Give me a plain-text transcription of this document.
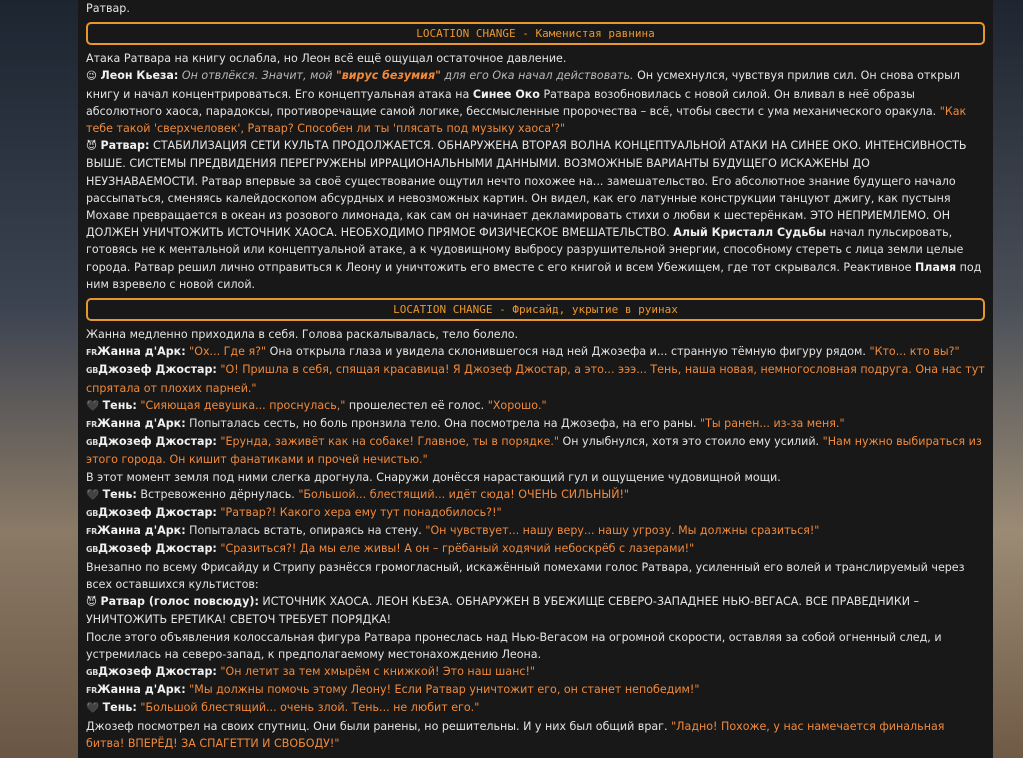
Ратвар.

LOCATION CHANGE - Каменистая равнина

Атака Ратвара на книгу ослабла, но Леон всё ещё ощущал остаточное давление.

😉 Леон Кьеза: Он отвлёкся. Значит, мой "вирус безумия" для его Ока начал действовать. Он усмехнулся, чувствуя прилив сил. Он снова открыл книгу и начал концентрироваться. Его концептуальная атака на Синее Око Ратвара возобновилась с новой силой. Он вливал в неё образы абсолютного хаоса, парадоксы, противоречащие самой логике, бессмысленные пророчества – всё, чтобы свести с ума механического оракула. "Как тебе такой 'сверхчеловек', Ратвар? Способен ли ты 'плясать под музыку хаоса'?"

😈 Ратвар: СТАБИЛИЗАЦИЯ СЕТИ КУЛЬТА ПРОДОЛЖАЕТСЯ. ОБНАРУЖЕНА ВТОРАЯ ВОЛНА КОНЦЕПТУАЛЬНОЙ АТАКИ НА СИНЕЕ ОКО. ИНТЕНСИВНОСТЬ ВЫШЕ. СИСТЕМЫ ПРЕДВИДЕНИЯ ПЕРЕГРУЖЕНЫ ИРРАЦИОНАЛЬНЫМИ ДАННЫМИ. ВОЗМОЖНЫЕ ВАРИАНТЫ БУДУЩЕГО ИСКАЖЕНЫ ДО НЕУЗНАВАЕМОСТИ. Ратвар впервые за своё существование ощутил нечто похожее на... замешательство. Его абсолютное знание будущего начало рассыпаться, сменяясь калейдоскопом абсурдных и невозможных картин. Он видел, как его латунные конструкции танцуют джигу, как пустыня Мохаве превращается в океан из розового лимонада, как сам он начинает декламировать стихи о любви к шестерёнкам. ЭТО НЕПРИЕМЛЕМО. ОН ДОЛЖЕН УНИЧТОЖИТЬ ИСТОЧНИК ХАОСА. НЕОБХОДИМО ПРЯМОЕ ФИЗИЧЕСКОЕ ВМЕШАТЕЛЬСТВО. Алый Кристалл Судьбы начал пульсировать, готовясь не к ментальной или концептуальной атаке, а к чудовищному выбросу разрушительной энергии, способному стереть с лица земли целые города. Ратвар решил лично отправиться к Леону и уничтожить его вместе с его книгой и всем Убежищем, где тот скрывался. Реактивное Пламя под ним взревело с новой силой.

LOCATION CHANGE - Фрисайд, укрытие в руинах

Жанна медленно приходила в себя. Голова раскалывалась, тело болело.

FRЖанна д'Арк: "Ох... Где я?" Она открыла глаза и увидела склонившегося над ней Джозефа и... странную тёмную фигуру рядом. "Кто... кто вы?"

GBДжозеф Джостар: "О! Пришла в себя, спящая красавица! Я Джозеф Джостар, а это... эээ... Тень, наша новая, немногословная подруга. Она нас тут спрятала от плохих парней."

🖤 Тень: "Сияющая девушка... проснулась," прошелестел её голос. "Хорошо."

FRЖанна д'Арк: Попыталась сесть, но боль пронзила тело. Она посмотрела на Джозефа, на его раны. "Ты ранен... из-за меня."

GBДжозеф Джостар: "Ерунда, заживёт как на собаке! Главное, ты в порядке." Он улыбнулся, хотя это стоило ему усилий. "Нам нужно выбираться из этого города. Он кишит фанатиками и прочей нечистью."

В этот момент земля под ними слегка дрогнула. Снаружи донёсся нарастающий гул и ощущение чудовищной мощи.

🖤 Тень: Встревоженно дёрнулась. "Большой... блестящий... идёт сюда! ОЧЕНЬ СИЛЬНЫЙ!"

GBДжозеф Джостар: "Ратвар?! Какого хера ему тут понадобилось?!"

FRЖанна д'Арк: Попыталась встать, опираясь на стену. "Он чувствует... нашу веру... нашу угрозу. Мы должны сразиться!"

GBДжозеф Джостар: "Сразиться?! Да мы еле живы! А он – грёбаный ходячий небоскрёб с лазерами!"

Внезапно по всему Фрисайду и Стрипу разнёсся громогласный, искажённый помехами голос Ратвара, усиленный его волей и транслируемый через всех оставшихся культистов:

😈 Ратвар (голос повсюду): ИСТОЧНИК ХАОСА. ЛЕОН КЬЕЗА. ОБНАРУЖЕН В УБЕЖИЩЕ СЕВЕРО-ЗАПАДНЕЕ НЬЮ-ВЕГАСА. ВСЕ ПРАВЕДНИКИ – УНИЧТОЖИТЬ ЕРЕТИКА! СВЕТОЧ ТРЕБУЕТ ПОРЯДКА!

После этого объявления колоссальная фигура Ратвара пронеслась над Нью-Вегасом на огромной скорости, оставляя за собой огненный след, и устремилась на северо-запад, к предполагаемому местонахождению Леона.

GBДжозеф Джостар: "Он летит за тем хмырём с книжкой! Это наш шанс!"

FRЖанна д'Арк: "Мы должны помочь этому Леону! Если Ратвар уничтожит его, он станет непобедим!"

🖤 Тень: "Большой блестящий... очень злой. Тень... не любит его."

Джозеф посмотрел на своих спутниц. Они были ранены, но решительны. И у них был общий враг. "Ладно! Похоже, у нас намечается финальная битва! ВПЕРЁД! ЗА СПАГЕТТИ И СВОБОДУ!"
